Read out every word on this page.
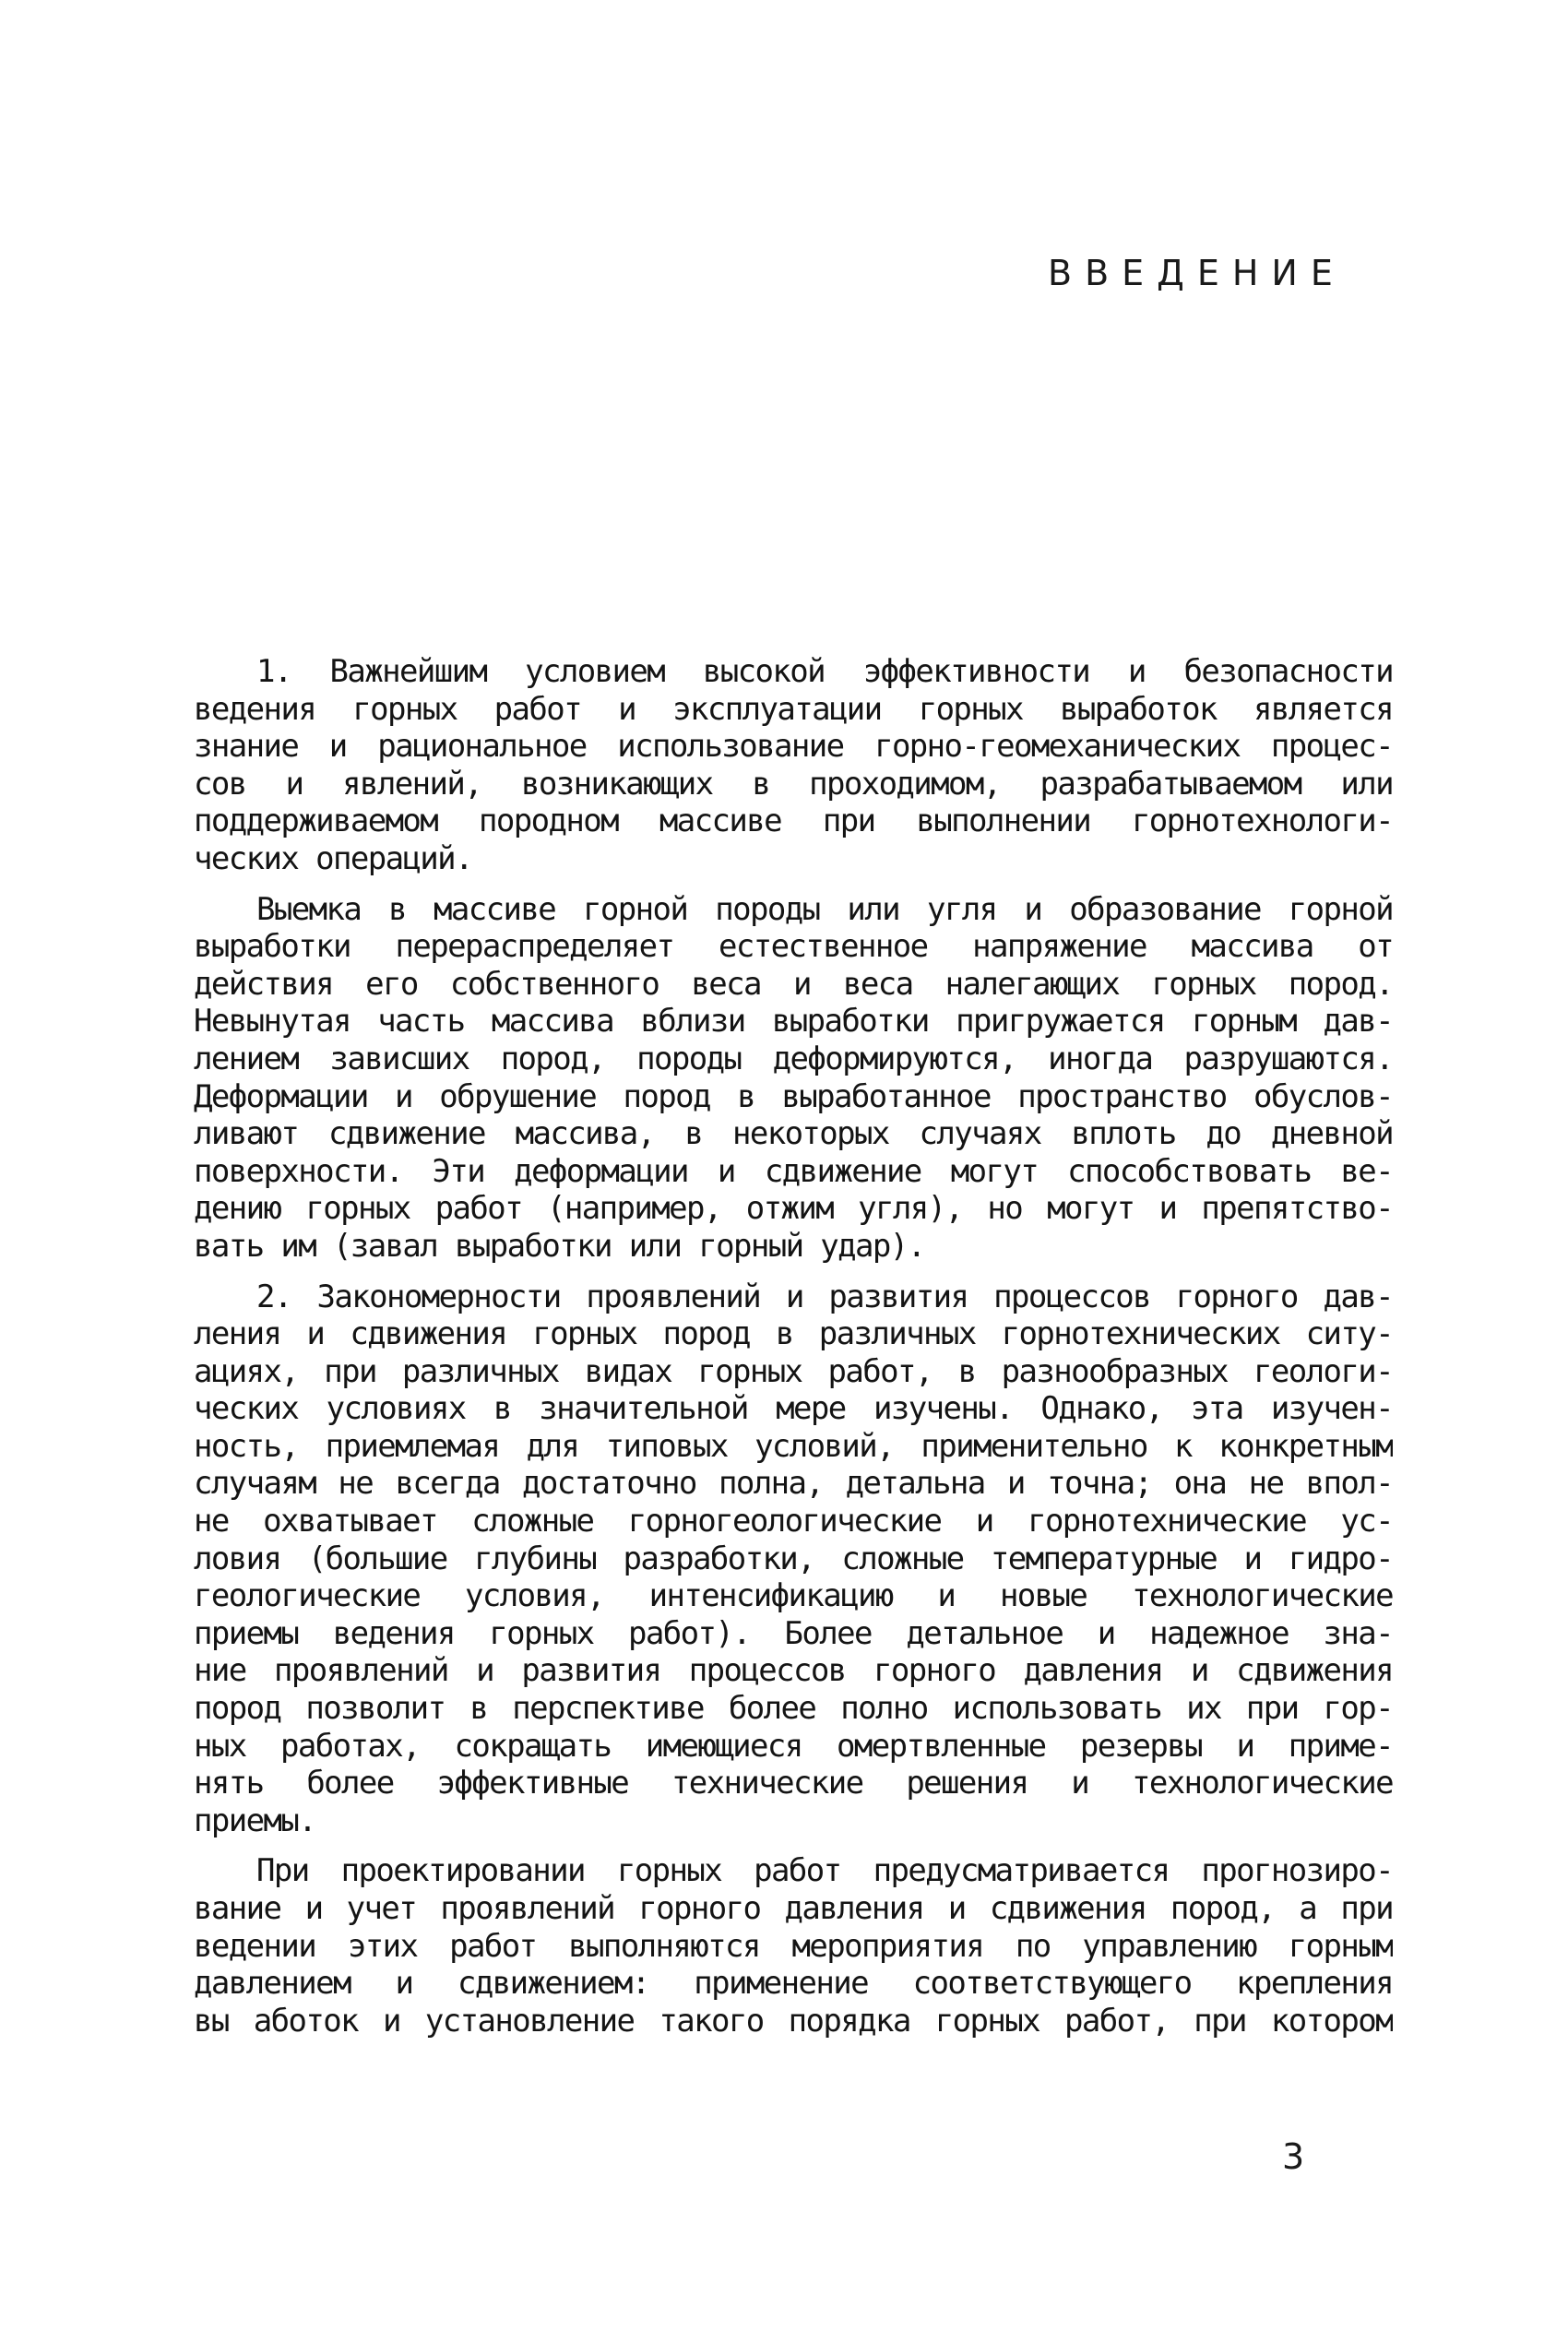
ВВЕДЕНИЕ
1. Важнейшим условием высокой эффективности и безопасности
ведения горных работ и эксплуатации горных выработок является
знание и рациональное использование горно-геомеханических процес-
сов и явлений, возникающих в проходимом, разрабатываемом или
поддерживаемом породном массиве при выполнении горнотехнологи-
ческих операций.
Выемка в массиве горной породы или угля и образование горной
выработки перераспределяет естественное напряжение массива от
действия его собственного веса и веса налегающих горных пород.
Невынутая часть массива вблизи выработки пригружается горным дав-
лением зависших пород, породы деформируются, иногда разрушаются.
Деформации и обрушение пород в выработанное пространство обуслов-
ливают сдвижение массива, в некоторых случаях вплоть до дневной
поверхности. Эти деформации и сдвижение могут способствовать ве-
дению горных работ (например, отжим угля), но могут и препятство-
вать им (завал выработки или горный удар).
2. Закономерности проявлений и развития процессов горного дав-
ления и сдвижения горных пород в различных горнотехнических ситу-
ациях, при различных видах горных работ, в разнообразных геологи-
ческих условиях в значительной мере изучены. Однако, эта изучен-
ность, приемлемая для типовых условий, применительно к конкретным
случаям не всегда достаточно полна, детальна и точна; она не впол-
не охватывает сложные горногеологические и горнотехнические ус-
ловия (большие глубины разработки, сложные температурные и гидро-
геологические условия, интенсификацию и новые технологические
приемы ведения горных работ). Более детальное и надежное зна-
ние проявлений и развития процессов горного давления и сдвижения
пород позволит в перспективе более полно использовать их при гор-
ных работах, сокращать имеющиеся омертвленные резервы и приме-
нять более эффективные технические решения и технологические
приемы.
При проектировании горных работ предусматривается прогнозиро-
вание и учет проявлений горного давления и сдвижения пород, а при
ведении этих работ выполняются мероприятия по управлению горным
давлением и сдвижением: применение соответствующего крепления
вы аботок и установление такого порядка горных работ, при котором
3
